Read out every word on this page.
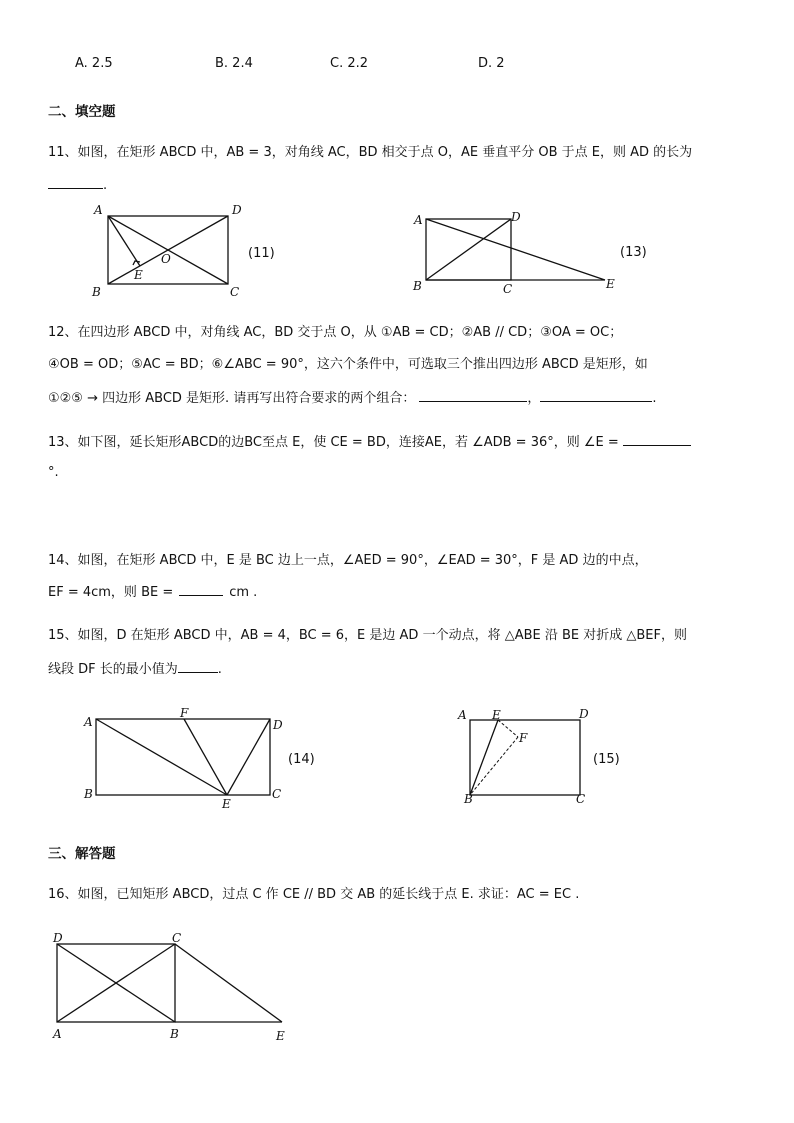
A. 2.5	B. 2.4	C. 2.2	D. 2
二、填空题
11、如图，在矩形 ABCD 中，AB = 3，对角线 AC，BD 相交于点 O，AE 垂直平分 OB 于点 E，则 AD 的长为
.
A	D
B	C
O
E
(11)
A	D
B	C	E
(13)
12、在四边形 ABCD 中，对角线 AC，BD 交于点 O，从 ①AB = CD；②AB // CD；③OA = OC；
④OB = OD；⑤AC = BD；⑥∠ABC = 90°，这六个条件中，可选取三个推出四边形 ABCD 是矩形，如
①②⑤ → 四边形 ABCD 是矩形. 请再写出符合要求的两个组合：	，	.
13、如下图，延长矩形ABCD的边BC至点 E，使 CE = BD，连接AE，若 ∠ADB = 36°，则 ∠E =
°.
14、如图，在矩形 ABCD 中，E 是 BC 边上一点，∠AED = 90°，∠EAD = 30°，F 是 AD 边的中点，
EF = 4cm，则 BE =	cm .
15、如图，D 在矩形 ABCD 中，AB = 4，BC = 6，E 是边 AD 一个动点，将 △ABE 沿 BE 对折成 △BEF，则
线段 DF 长的最小值为	.
A
F
D
B	C
E
(14)
A E	D
F
B	C
(15)
三、解答题
16、如图，已知矩形 ABCD，过点 C 作 CE // BD 交 AB 的延长线于点 E. 求证：AC = EC .
D	C
A	B	E
